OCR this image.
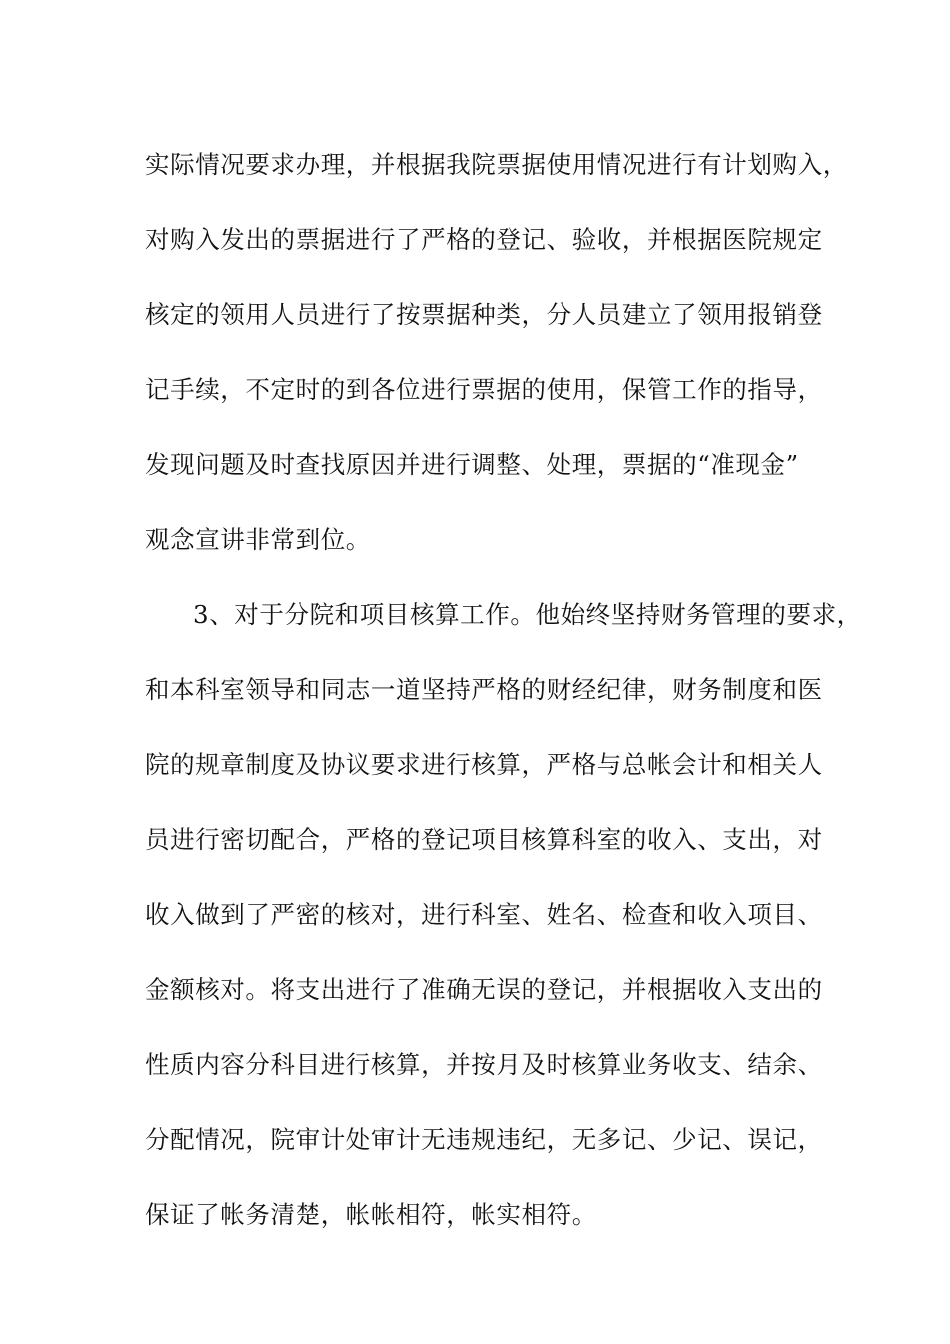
实际情况要求办理，并根据我院票据使用情况进行有计划购入，
对购入发出的票据进行了严格的登记、验收，并根据医院规定
核定的领用人员进行了按票据种类，分人员建立了领用报销登
记手续，不定时的到各位进行票据的使用，保管工作的指导，
发现问题及时查找原因并进行调整、处理，票据的“准现金”
观念宣讲非常到位。
3、对于分院和项目核算工作。他始终坚持财务管理的要求，
和本科室领导和同志一道坚持严格的财经纪律，财务制度和医
院的规章制度及协议要求进行核算，严格与总帐会计和相关人
员进行密切配合，严格的登记项目核算科室的收入、支出，对
收入做到了严密的核对，进行科室、姓名、检查和收入项目、
金额核对。将支出进行了准确无误的登记，并根据收入支出的
性质内容分科目进行核算，并按月及时核算业务收支、结余、
分配情况，院审计处审计无违规违纪，无多记、少记、误记，
保证了帐务清楚，帐帐相符，帐实相符。
